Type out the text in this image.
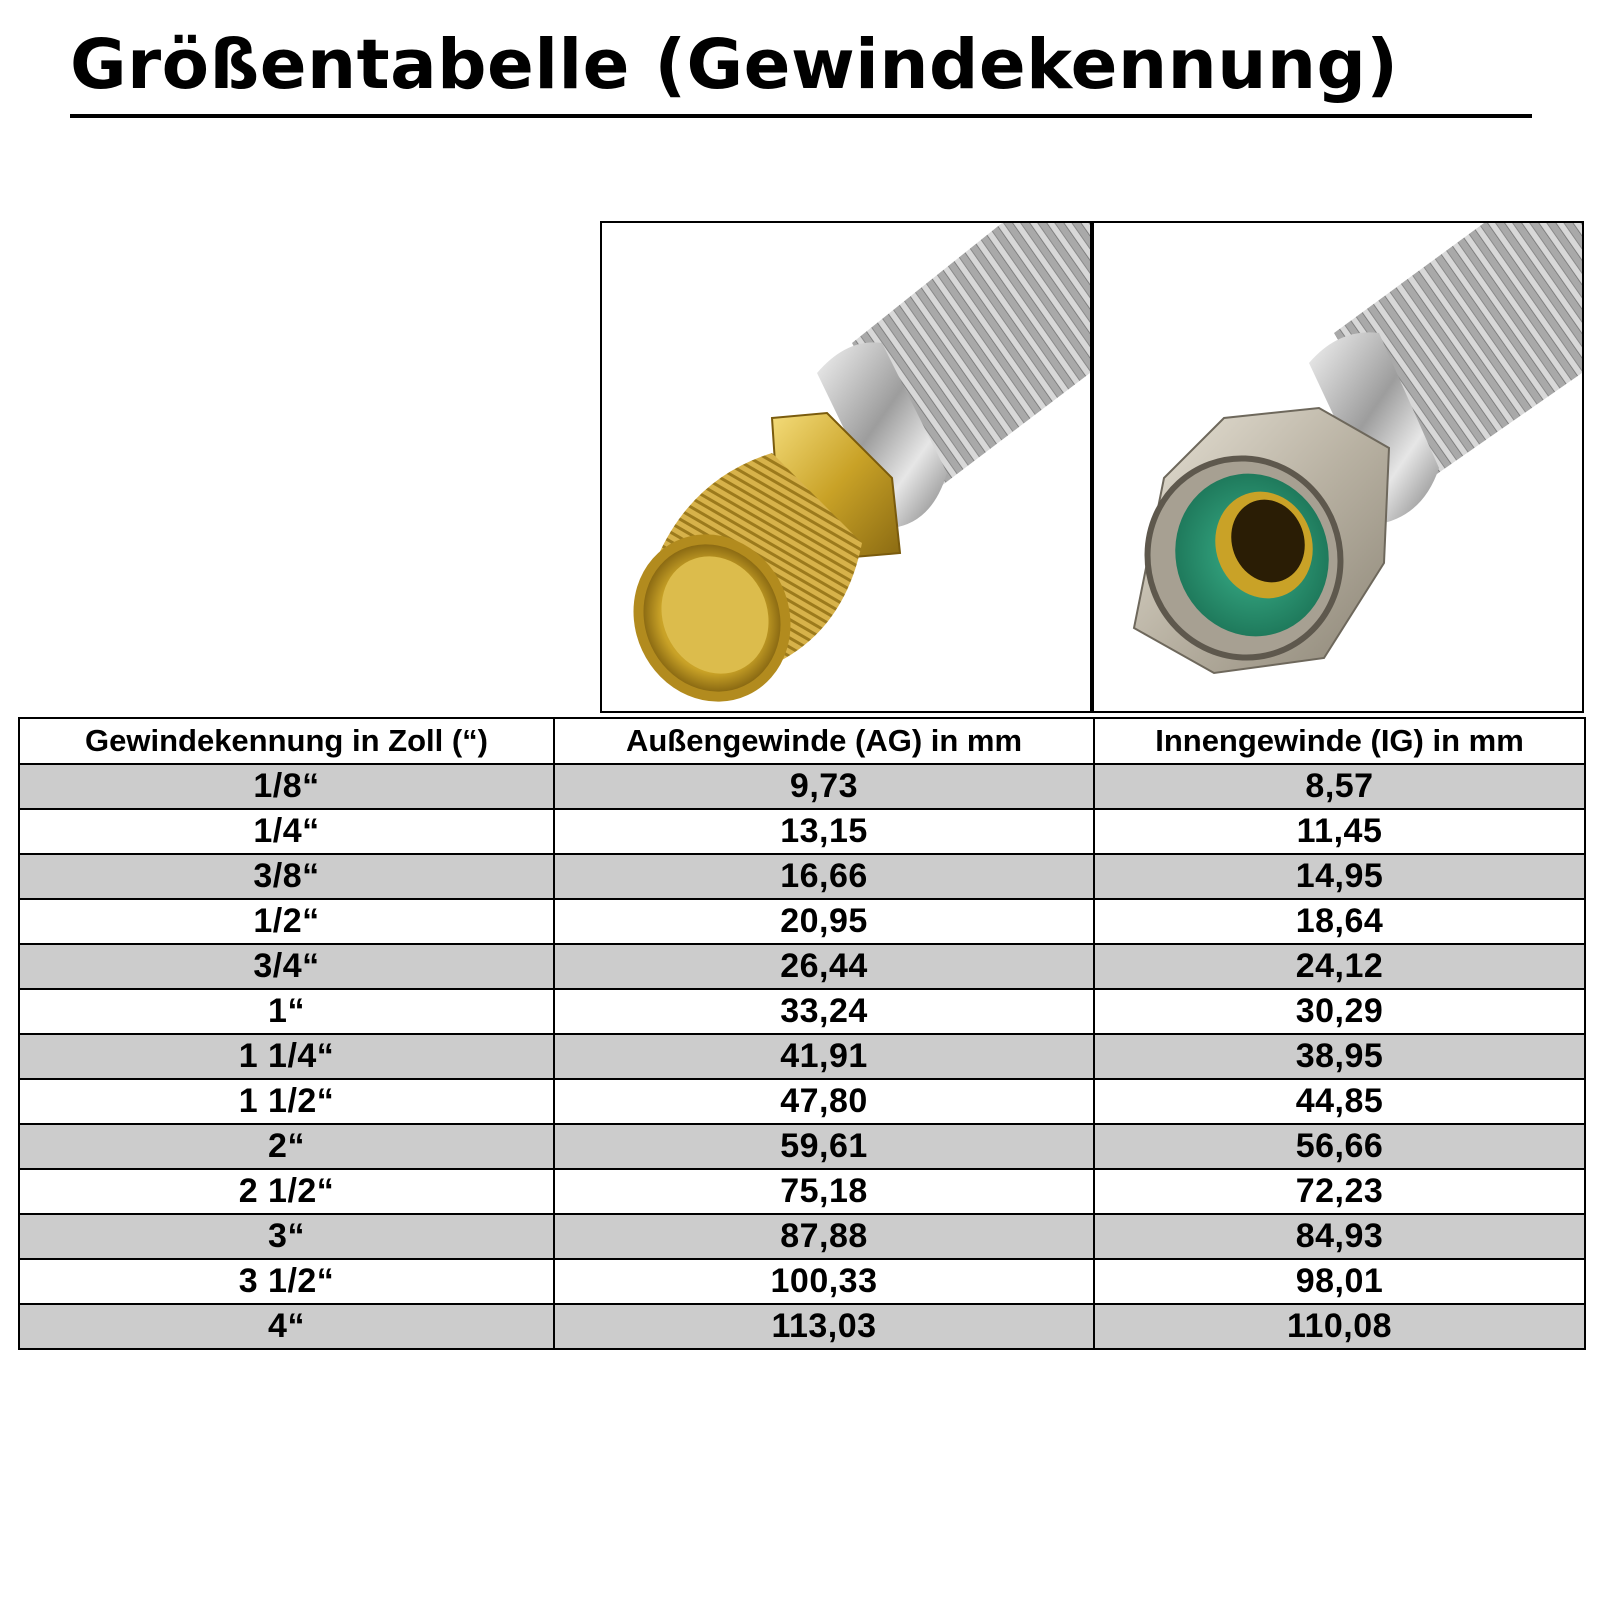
Größentabelle (Gewindekennung)
Gewindekennung in Zoll (“)	Außengewinde (AG) in mm	Innengewinde (IG) in mm
1/8“	9,73	8,57
1/4“	13,15	11,45
3/8“	16,66	14,95
1/2“	20,95	18,64
3/4“	26,44	24,12
1“	33,24	30,29
1 1/4“	41,91	38,95
1 1/2“	47,80	44,85
2“	59,61	56,66
2 1/2“	75,18	72,23
3“	87,88	84,93
3 1/2“	100,33	98,01
4“	113,03	110,08
